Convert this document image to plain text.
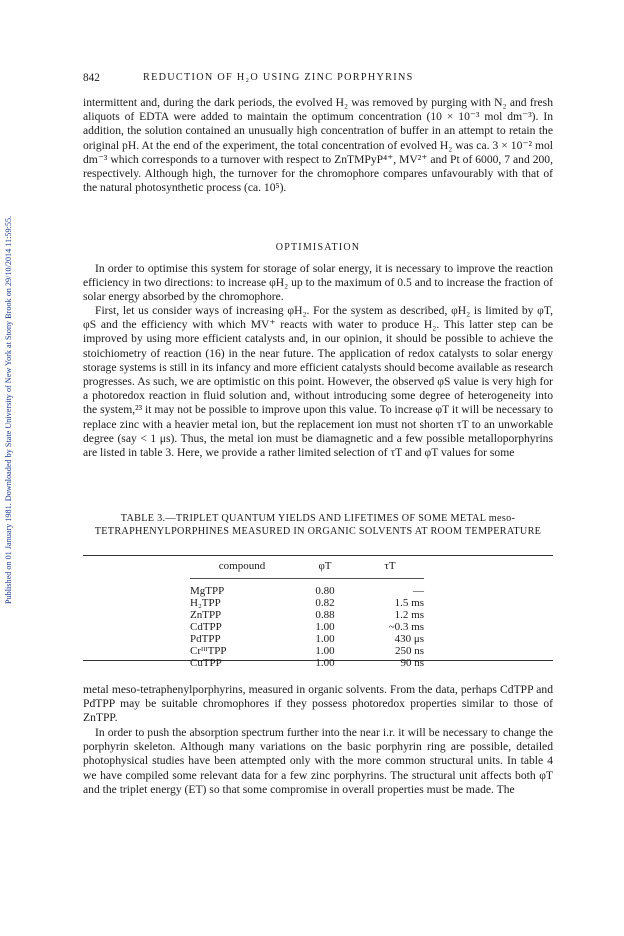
Published on 01 January 1981. Downloaded by State University of New York at Stony Brook on 29/10/2014 11:59:55.
842	REDUCTION OF H₂O USING ZINC PORPHYRINS

intermittent and, during the dark periods, the evolved H₂ was removed by purging with N₂ and fresh aliquots of EDTA were added to maintain the optimum concentration (10 × 10⁻³ mol dm⁻³). In addition, the solution contained an unusually high concentration of buffer in an attempt to retain the original pH. At the end of the experiment, the total concentration of evolved H₂ was ca. 3 × 10⁻² mol dm⁻³ which corresponds to a turnover with respect to ZnTMPyP⁴⁺, MV²⁺ and Pt of 6000, 7 and 200, respectively. Although high, the turnover for the chromophore compares unfavourably with that of the natural photosynthetic process (ca. 10⁵).

OPTIMISATION

In order to optimise this system for storage of solar energy, it is necessary to improve the reaction efficiency in two directions: to increase φH₂ up to the maximum of 0.5 and to increase the fraction of solar energy absorbed by the chromophore.

First, let us consider ways of increasing φH₂. For the system as described, φH₂ is limited by φT, φS and the efficiency with which MV⁺ reacts with water to produce H₂. This latter step can be improved by using more efficient catalysts and, in our opinion, it should be possible to achieve the stoichiometry of reaction (16) in the near future. The application of redox catalysts to solar energy storage systems is still in its infancy and more efficient catalysts should become available as research progresses. As such, we are optimistic on this point. However, the observed φS value is very high for a photoredox reaction in fluid solution and, without introducing some degree of heterogeneity into the system,²³ it may not be possible to improve upon this value. To increase φT it will be necessary to replace zinc with a heavier metal ion, but the replacement ion must not shorten τT to an unworkable degree (say < 1 μs). Thus, the metal ion must be diamagnetic and a few possible metalloporphyrins are listed in table 3. Here, we provide a rather limited selection of τT and φT values for some

TABLE 3.—TRIPLET QUANTUM YIELDS AND LIFETIMES OF SOME METAL meso-TETRAPHENYLPORPHINES MEASURED IN ORGANIC SOLVENTS AT ROOM TEMPERATURE
compound	φT	τT

MgTPP	0.80	—
H₂TPP	0.82	1.5 ms
ZnTPP	0.88	1.2 ms
CdTPP	1.00	~0.3 ms
PdTPP	1.00	430 μs
CrᴵᴵᴵTPP	1.00	250 ns
CuTPP	1.00	90 ns

metal meso-tetraphenylporphyrins, measured in organic solvents. From the data, perhaps CdTPP and PdTPP may be suitable chromophores if they possess photoredox properties similar to those of ZnTPP.

In order to push the absorption spectrum further into the near i.r. it will be necessary to change the porphyrin skeleton. Although many variations on the basic porphyrin ring are possible, detailed photophysical studies have been attempted only with the more common structural units. In table 4 we have compiled some relevant data for a few zinc porphyrins. The structural unit affects both φT and the triplet energy (ET) so that some compromise in overall properties must be made. The
